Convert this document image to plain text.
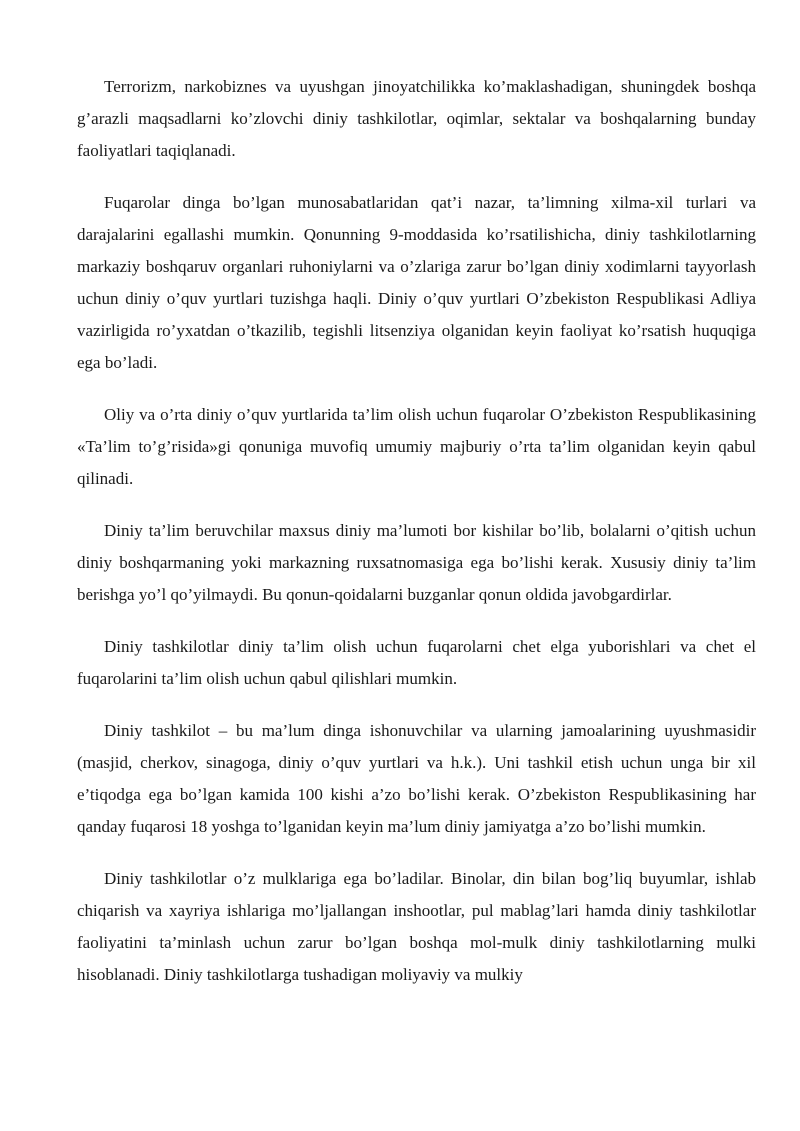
Terrorizm, narkobiznes va uyushgan jinoyatchilikka ko’maklashadigan, shuningdek boshqa g’arazli maqsadlarni ko’zlovchi diniy tashkilotlar, oqimlar, sektalar va boshqalarning bunday faoliyatlari taqiqlanadi.

Fuqarolar dinga bo’lgan munosabatlaridan qat’i nazar, ta’limning xilma-xil turlari va darajalarini egallashi mumkin. Qonunning 9-moddasida ko’rsatilishicha, diniy tashkilotlarning markaziy boshqaruv organlari ruhoniylarni va o’zlariga zarur bo’lgan diniy xodimlarni tayyorlash uchun diniy o’quv yurtlari tuzishga haqli. Diniy o’quv yurtlari O’zbekiston Respublikasi Adliya vazirligida ro’yxatdan o’tkazilib, tegishli litsenziya olganidan keyin faoliyat ko’rsatish huquqiga ega bo’ladi.

Oliy va o’rta diniy o’quv yurtlarida ta’lim olish uchun fuqarolar O’zbekiston Respublikasining «Ta’lim to’g’risida»gi qonuniga muvofiq umumiy majburiy o’rta ta’lim olganidan keyin qabul qilinadi.

Diniy ta’lim beruvchilar maxsus diniy ma’lumoti bor kishilar bo’lib, bolalarni o’qitish uchun diniy boshqarmaning yoki markazning ruxsatnomasiga ega bo’lishi kerak. Xususiy diniy ta’lim berishga yo’l qo’yilmaydi. Bu qonun-qoidalarni buzganlar qonun oldida javobgardirlar.

Diniy tashkilotlar diniy ta’lim olish uchun fuqarolarni chet elga yuborishlari va chet el fuqarolarini ta’lim olish uchun qabul qilishlari mumkin.

Diniy tashkilot – bu ma’lum dinga ishonuvchilar va ularning jamoalarining uyushmasidir (masjid, cherkov, sinagoga, diniy o’quv yurtlari va h.k.). Uni tashkil etish uchun unga bir xil e’tiqodga ega bo’lgan kamida 100 kishi a’zo bo’lishi kerak. O’zbekiston Respublikasining har qanday fuqarosi 18 yoshga to’lganidan keyin ma’lum diniy jamiyatga a’zo bo’lishi mumkin.

Diniy tashkilotlar o’z mulklariga ega bo’ladilar. Binolar, din bilan bog’liq buyumlar, ishlab chiqarish va xayriya ishlariga mo’ljallangan inshootlar, pul mablag’lari hamda diniy tashkilotlar faoliyatini ta’minlash uchun zarur bo’lgan boshqa mol-mulk diniy tashkilotlarning mulki hisoblanadi. Diniy tashkilotlarga tushadigan moliyaviy va mulkiy
